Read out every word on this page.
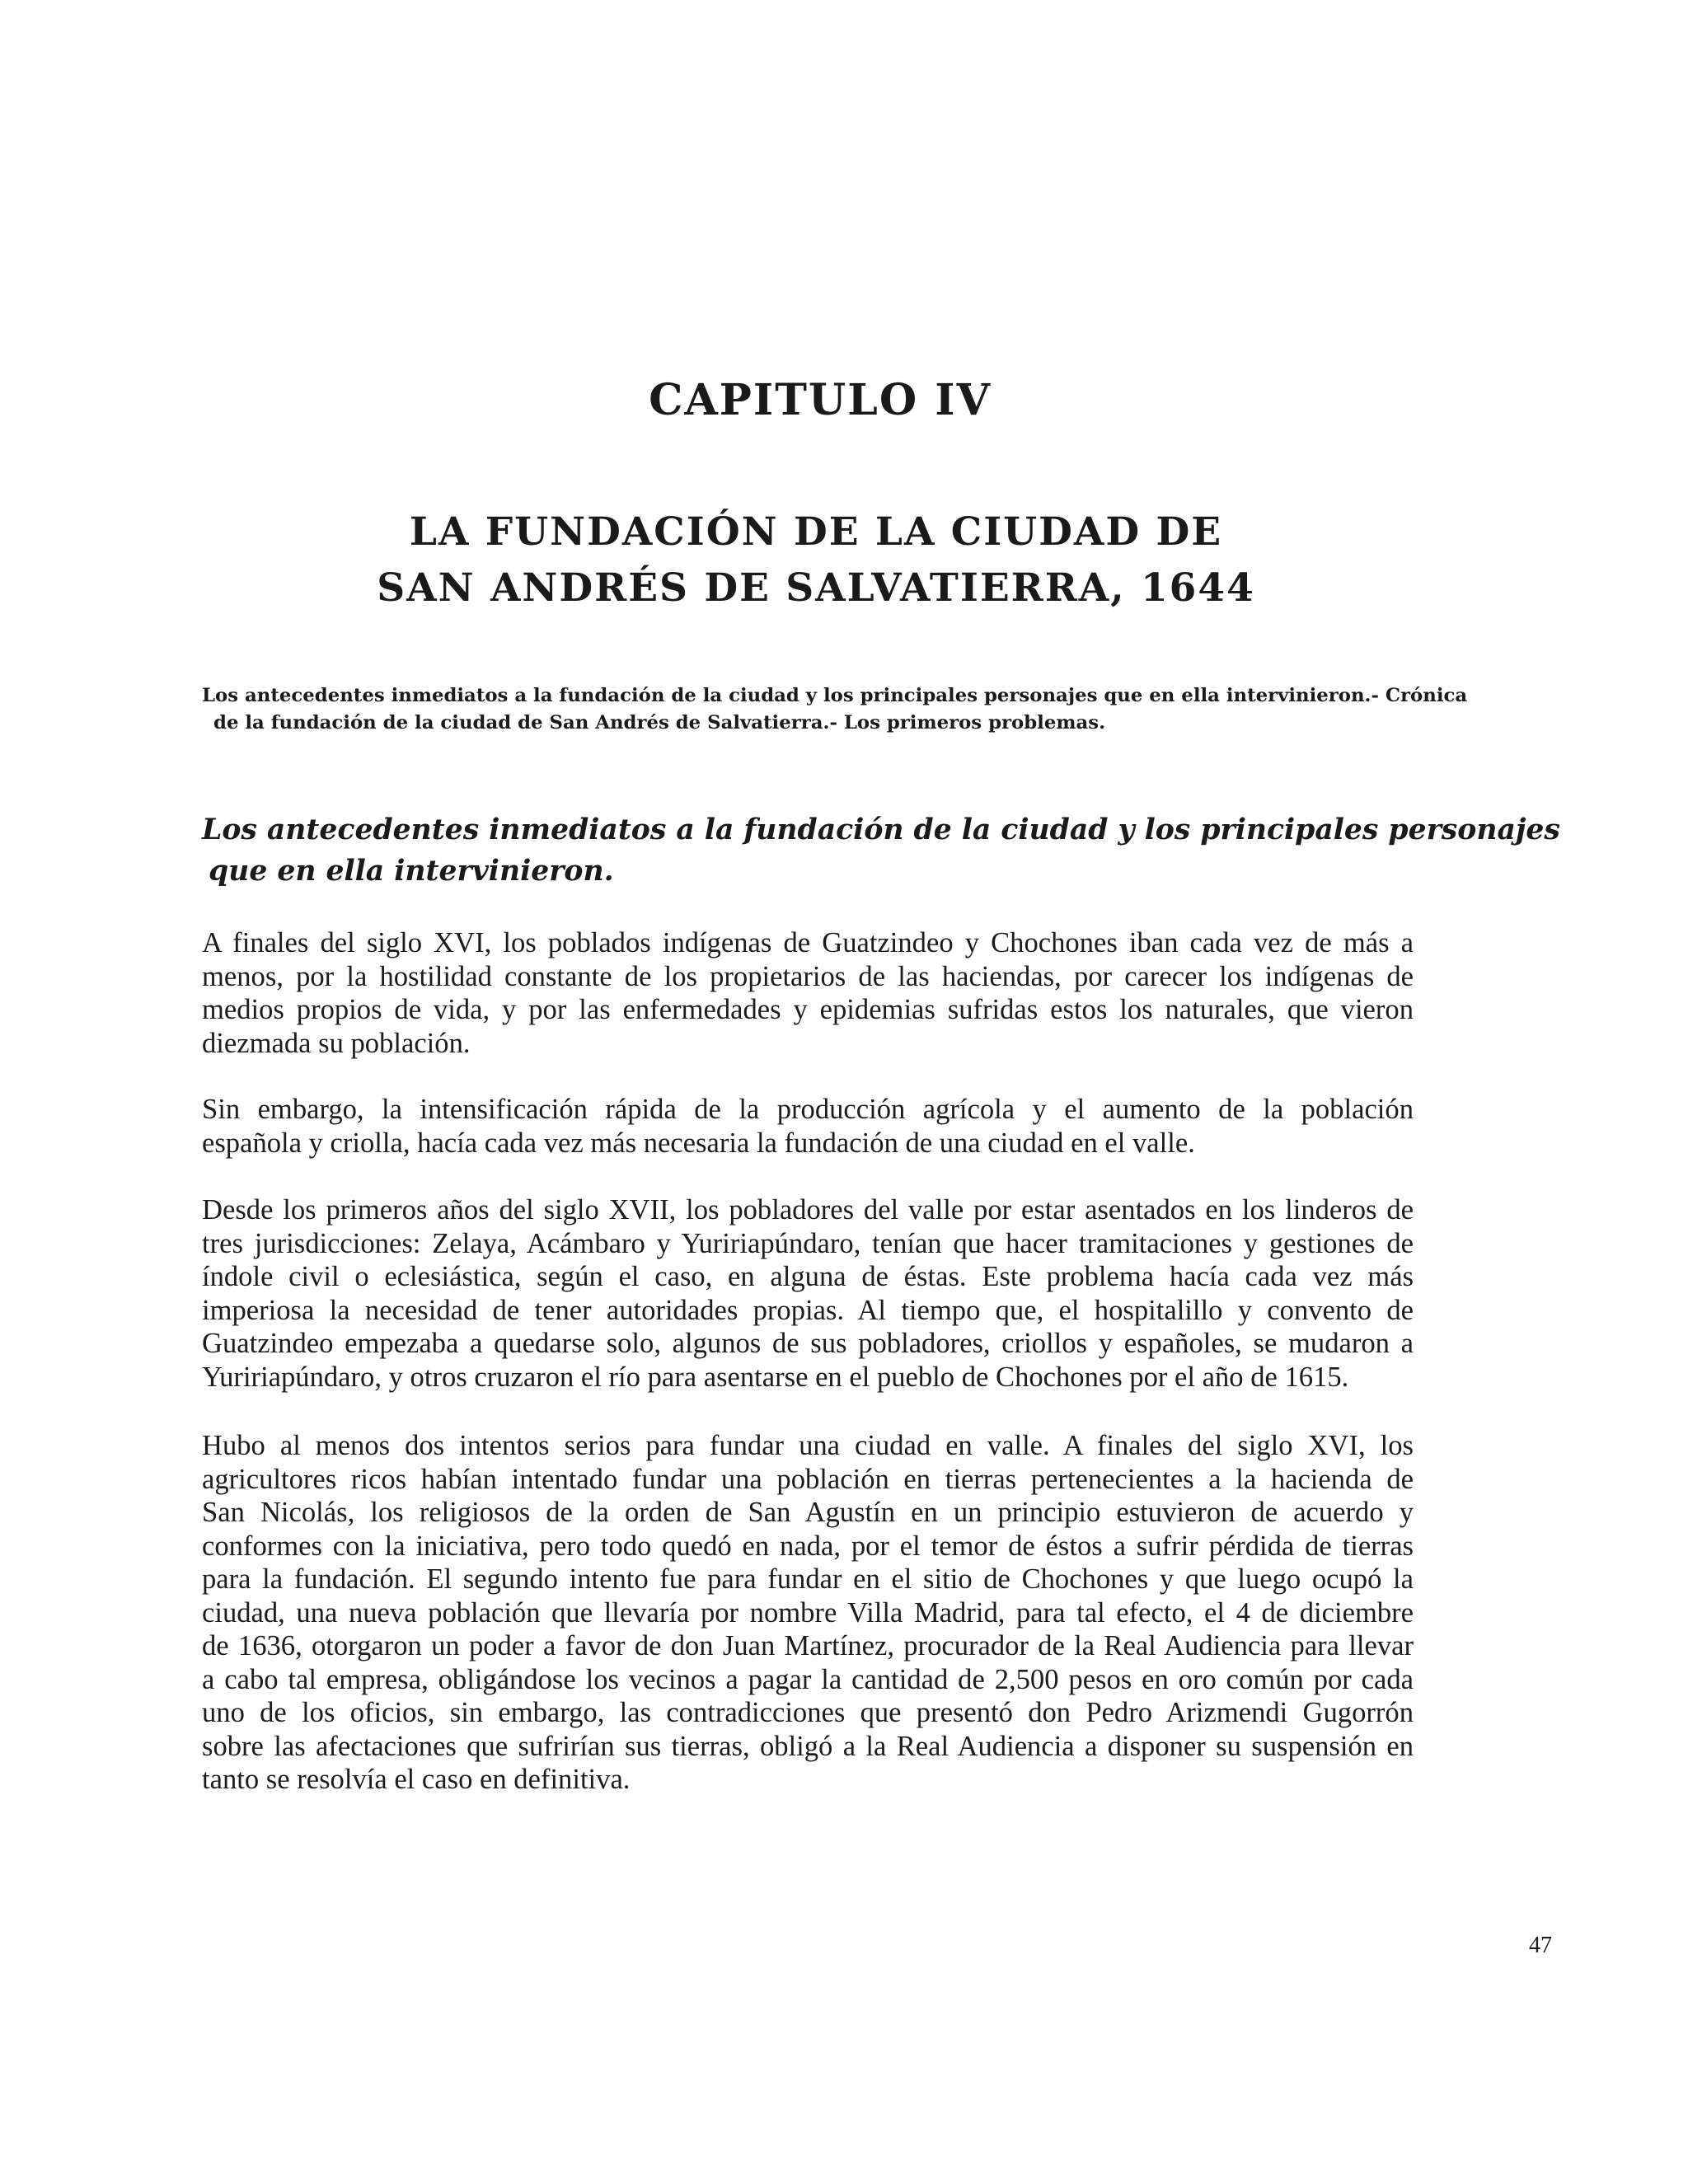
CAPITULO IV
LA FUNDACIÓN DE LA CIUDAD DE
SAN ANDRÉS DE SALVATIERRA, 1644

Los antecedentes inmediatos a la fundación de la ciudad y los principales personajes que en ella intervinieron.- Crónica
de la fundación de la ciudad de San Andrés de Salvatierra.- Los primeros problemas.

Los antecedentes inmediatos a la fundación de la ciudad y los principales personajes
que en ella intervinieron.

A finales del siglo XVI, los poblados indígenas de Guatzindeo y Chochones iban cada vez de más a
menos, por la hostilidad constante de los propietarios de las haciendas, por carecer los indígenas de
medios propios de vida, y por las enfermedades y epidemias sufridas estos los naturales, que vieron
diezmada su población.

Sin embargo, la intensificación rápida de la producción agrícola y el aumento de la población
española y criolla, hacía cada vez más necesaria la fundación de una ciudad en el valle.

Desde los primeros años del siglo XVII, los pobladores del valle por estar asentados en los linderos de
tres jurisdicciones: Zelaya, Acámbaro y Yuririapúndaro, tenían que hacer tramitaciones y gestiones de
índole civil o eclesiástica, según el caso, en alguna de éstas. Este problema hacía cada vez más
imperiosa la necesidad de tener autoridades propias. Al tiempo que, el hospitalillo y convento de
Guatzindeo empezaba a quedarse solo, algunos de sus pobladores, criollos y españoles, se mudaron a
Yuririapúndaro, y otros cruzaron el río para asentarse en el pueblo de Chochones por el año de 1615.

Hubo al menos dos intentos serios para fundar una ciudad en valle. A finales del siglo XVI, los
agricultores ricos habían intentado fundar una población en tierras pertenecientes a la hacienda de
San Nicolás, los religiosos de la orden de San Agustín en un principio estuvieron de acuerdo y
conformes con la iniciativa, pero todo quedó en nada, por el temor de éstos a sufrir pérdida de tierras
para la fundación. El segundo intento fue para fundar en el sitio de Chochones y que luego ocupó la
ciudad, una nueva población que llevaría por nombre Villa Madrid, para tal efecto, el 4 de diciembre
de 1636, otorgaron un poder a favor de don Juan Martínez, procurador de la Real Audiencia para llevar
a cabo tal empresa, obligándose los vecinos a pagar la cantidad de 2,500 pesos en oro común por cada
uno de los oficios, sin embargo, las contradicciones que presentó don Pedro Arizmendi Gugorrón
sobre las afectaciones que sufrirían sus tierras, obligó a la Real Audiencia a disponer su suspensión en
tanto se resolvía el caso en definitiva.

47
